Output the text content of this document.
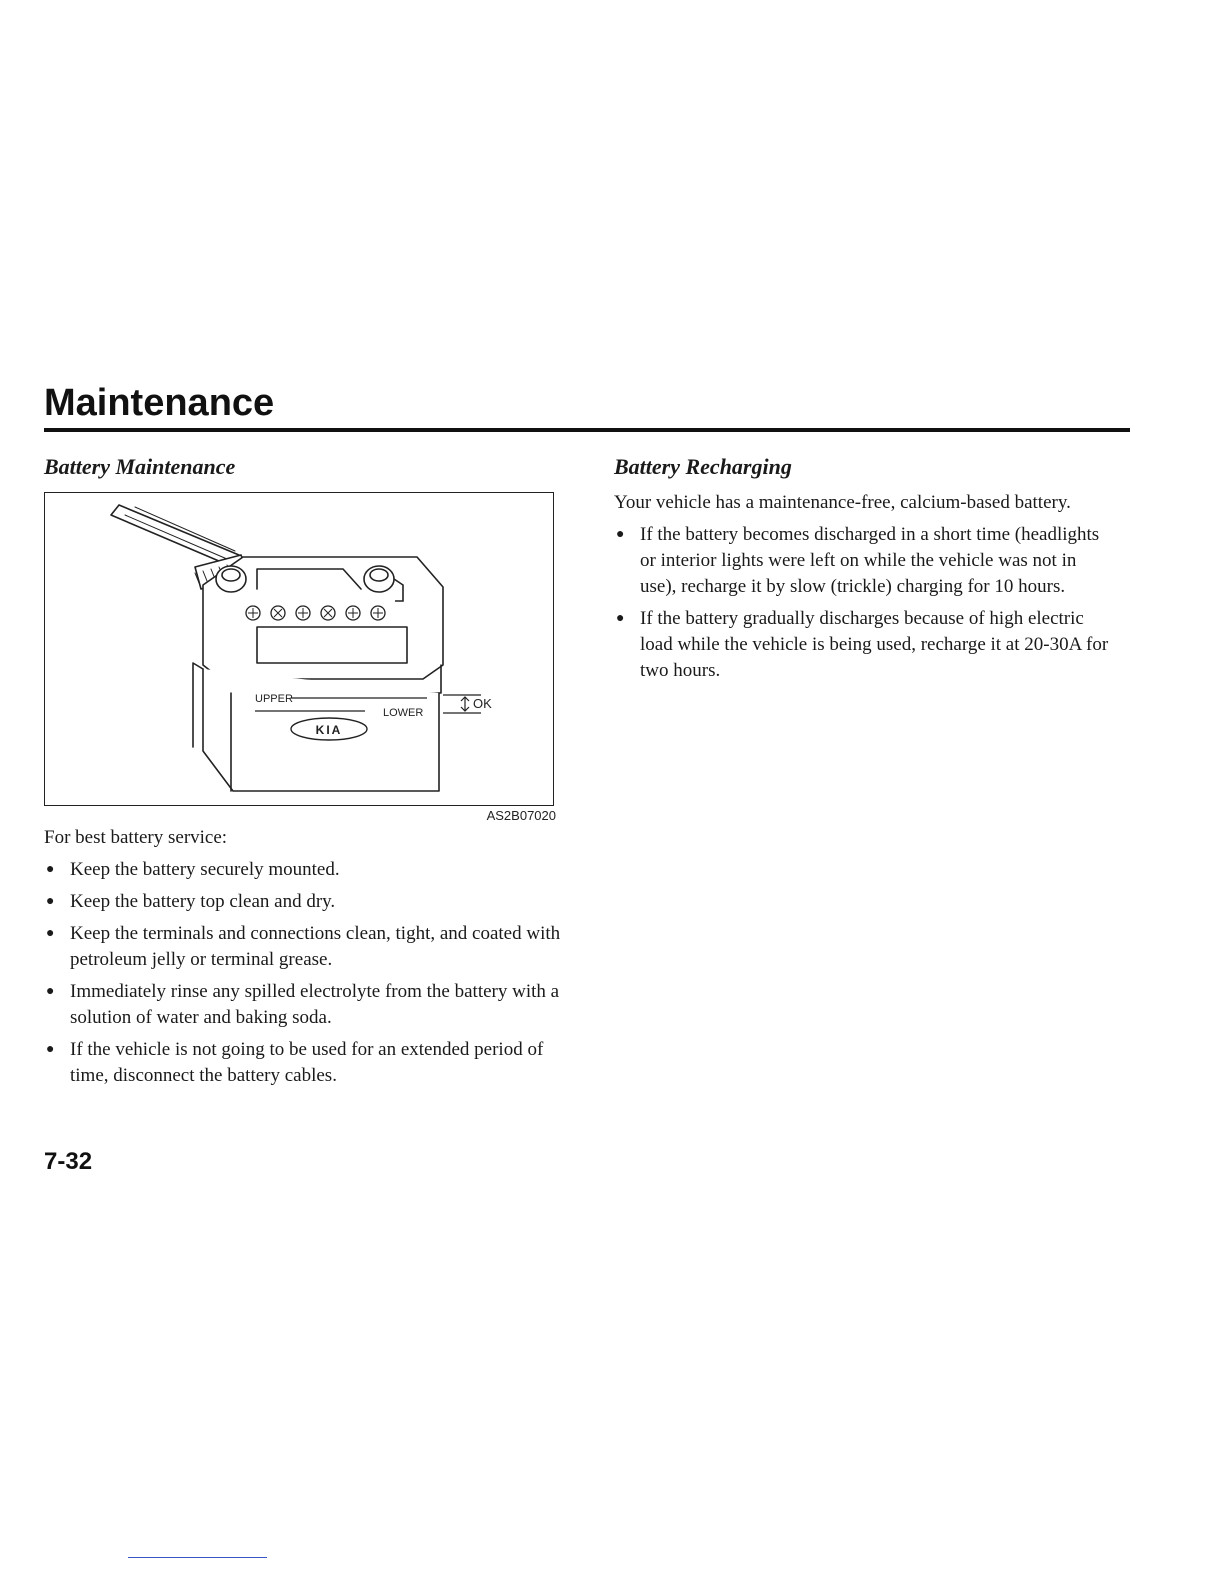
Maintenance
Battery Maintenance
KIA
UPPER
LOWER
OK
AS2B07020

For best battery service:

● Keep the battery securely mounted.
● Keep the battery top clean and dry.
● Keep the terminals and connections clean, tight, and coated with petroleum jelly or terminal grease.
● Immediately rinse any spilled electrolyte from the battery with a solution of water and baking soda.
● If the vehicle is not going to be used for an extended period of time, disconnect the battery cables.
Battery Recharging

Your vehicle has a maintenance-free, calcium-based battery.

● If the battery becomes discharged in a short time (headlights or interior lights were left on while the vehicle was not in use), recharge it by slow (trickle) charging for 10 hours.
● If the battery gradually discharges because of high electric load while the vehicle is being used, recharge it at 20-30A for two hours.

7-32
